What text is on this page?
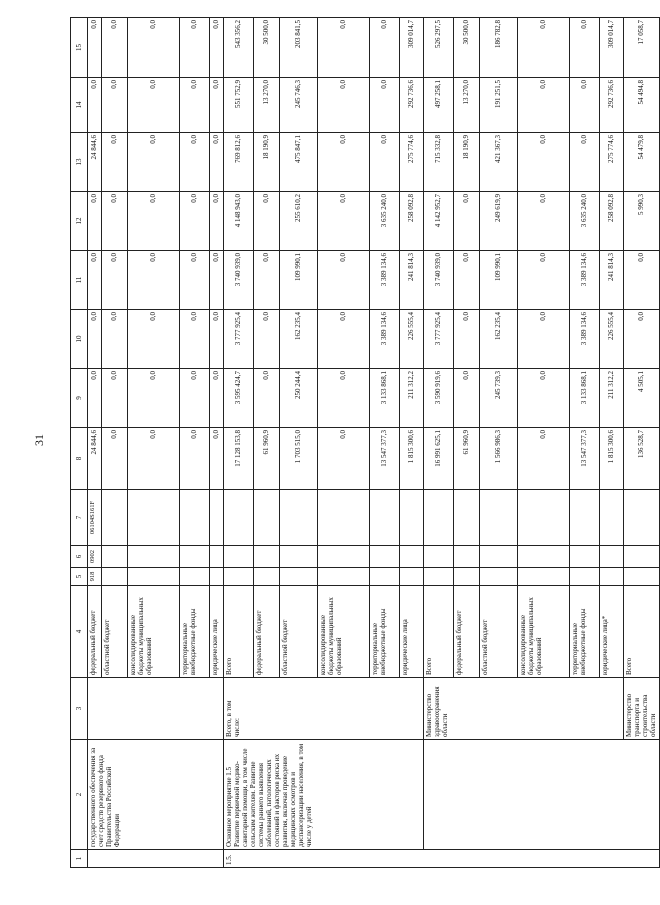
31
1	2	3	4	5	6	7	8	9	10	11	12	13	14	15
	государственного обеспечения за счет средств резервного фонда Правительства Российской Федерации		федеральный бюджет	918	0902	06104S161F	24 844,6	0,0	0,0	0,0	0,0	24 844,6	0,0	0,0
			областной бюджет				0,0	0,0	0,0	0,0	0,0	0,0	0,0	0,0
			консолидированные бюджеты муниципальных образований				0,0	0,0	0,0	0,0	0,0	0,0	0,0	0,0
			территориальные внебюджетные фонды				0,0	0,0	0,0	0,0	0,0	0,0	0,0	0,0
			юридические лица				0,0	0,0	0,0	0,0	0,0	0,0	0,0	0,0
1.5.	Основное мероприятие 1.5 Развитие первичной медико-санитарной помощи, в том числе сельским жителям. Развитие системы раннего выявления заболеваний, патологических состояний и факторов риска их развития, включая проведение медицинских осмотров и диспансеризации населения, в том числе у детей	Всего, в том числе:	Всего				17 128 153,8	3 595 424,7	3 777 925,4	3 740 939,0	4 148 943,0	769 812,6	551 752,9	543 356,2
			федеральный бюджет				61 960,9	0,0	0,0	0,0	0,0	18 190,9	13 270,0	30 500,0
			областной бюджет				1 703 515,0	250 244,4	162 235,4	109 990,1	255 610,2	475 847,1	245 746,3	203 841,5
			консолидированные бюджеты муниципальных образований				0,0	0,0	0,0	0,0	0,0	0,0	0,0	0,0
			территориальные внебюджетные фонды				13 547 377,3	3 133 868,1	3 389 134,6	3 389 134,6	3 635 240,0	0,0	0,0	0,0
			юридические лица				1 815 300,6	211 312,2	226 555,4	241 814,3	258 092,8	275 774,6	292 736,6	309 014,7
		Министерство здравоохранения области	Всего				16 991 625,1	3 590 919,6	3 777 925,4	3 740 939,0	4 142 952,7	715 332,8	497 258,1	526 297,5
			федеральный бюджет				61 960,9	0,0	0,0	0,0	0,0	18 190,9	13 270,0	30 500,0
			областной бюджет				1 566 986,3	245 739,3	162 235,4	109 990,1	249 619,9	421 367,3	191 251,5	186 782,8
			консолидированные бюджеты муниципальных образований				0,0	0,0	0,0	0,0	0,0	0,0	0,0	0,0
			территориальные внебюджетные фонды				13 547 377,3	3 133 868,1	3 389 134,6	3 389 134,6	3 635 240,0	0,0	0,0	0,0
			юридические лица*				1 815 300,6	211 312,2	226 555,4	241 814,3	258 092,8	275 774,6	292 736,6	309 014,7
		Министерство транспорта и строительства области	Всего				136 528,7	4 505,1	0,0	0,0	5 990,3	54 479,8	54 494,8	17 058,7
